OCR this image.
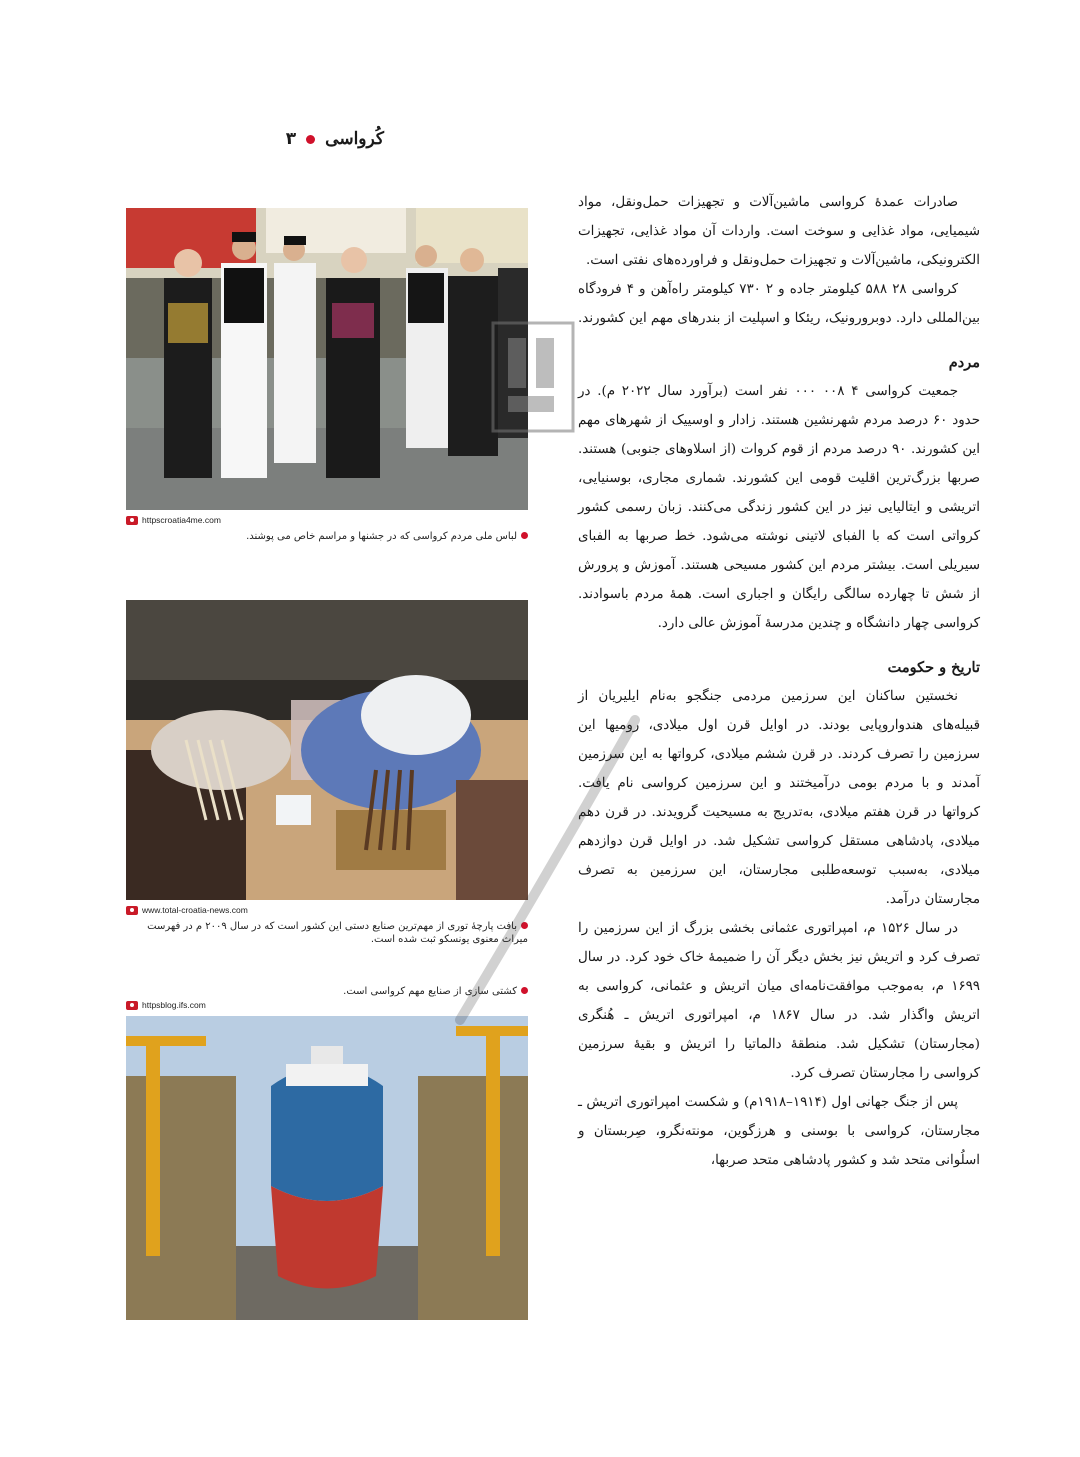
۳ کُرواسی

صادرات عمدهٔ کرواسی ماشین‌آلات و تجهیزات حمل‌ونقل، مواد شیمیایی، مواد غذایی و سوخت است. واردات آن مواد غذایی، تجهیزات الکترونیکی، ماشین‌آلات و تجهیزات حمل‌ونقل و فراورده‌های نفتی است.

کرواسی ۲۸ ۵۸۸ کیلومتر جاده و ۲ ۷۳۰ کیلومتر راه‌آهن و ۴ فرودگاه بین‌المللی دارد. دوبرورونیک، ریئکا و اسپلیت از بندرهای مهم این کشورند.

مردم

جمعیت کرواسی ۴ ۰۰۸ ۰۰۰ نفر است (برآورد سال ۲۰۲۲ م). در حدود ۶۰ درصد مردم شهرنشین هستند. زادار و اوسییک از شهرهای مهم این کشورند. ۹۰ درصد مردم از قوم کروات (از اسلاوهای جنوبی) هستند. صربها بزرگ‌ترین اقلیت قومی این کشورند. شماری مجاری، بوسنیایی، اتریشی و ایتالیایی نیز در این کشور زندگی می‌کنند. زبان رسمی کشور کرواتی است که با الفبای لاتینی نوشته می‌شود. خط صربها به الفبای سیریلی است. بیشتر مردم این کشور مسیحی هستند. آموزش و پرورش از شش تا چهارده سالگی رایگان و اجباری است. همهٔ مردم باسوادند. کرواسی چهار دانشگاه و چندین مدرسهٔ آموزش عالی دارد.

تاریخ و حکومت

نخستین ساکنان این سرزمین مردمی جنگجو به‌نام ایلیریان از قبیله‌های هندواروپایی بودند. در اوایل قرن اول میلادی، رومیها این سرزمین را تصرف کردند. در قرن ششم میلادی، کرواتها به این سرزمین آمدند و با مردم بومی درآمیختند و این سرزمین کرواسی نام یافت. کرواتها در قرن هفتم میلادی، به‌تدریج به مسیحیت گرویدند. در قرن دهم میلادی، پادشاهی مستقل کرواسی تشکیل شد. در اوایل قرن دوازدهم میلادی، به‌سبب توسعه‌طلبی مجارستان، این سرزمین به تصرف مجارستان درآمد.

در سال ۱۵۲۶ م، امپراتوری عثمانی بخشی بزرگ از این سرزمین را تصرف کرد و اتریش نیز بخش دیگر آن را ضمیمهٔ خاک خود کرد. در سال ۱۶۹۹ م، به‌موجب موافقت‌نامه‌ای میان اتریش و عثمانی، کرواسی به اتریش واگذار شد. در سال ۱۸۶۷ م، امپراتوری اتریش ـ هُنگری (مجارستان) تشکیل شد. منطقهٔ دالماتیا را اتریش و بقیهٔ سرزمین کرواسی را مجارستان تصرف کرد.

پس از جنگ جهانی اول (۱۹۱۴–۱۹۱۸م) و شکست امپراتوری اتریش ـ مجارستان، کرواسی با بوسنی و هرزگوین، مونته‌نگرو، صِربستان و اسلُوانی متحد شد و کشور پادشاهی متحد صربها،

httpscroatia4me.com
لباس ملی مردم کرواسی که در جشنها و مراسم خاص می پوشند.
www.total-croatia-news.com
بافت پارچهٔ توری از مهم‌ترین صنایع دستی این کشور است که در سال ۲۰۰۹ م در فهرست میراث معنوی یونسکو ثبت شده است.
کشتی سازی از صنایع مهم کرواسی است.
httpsblog.ifs.com
